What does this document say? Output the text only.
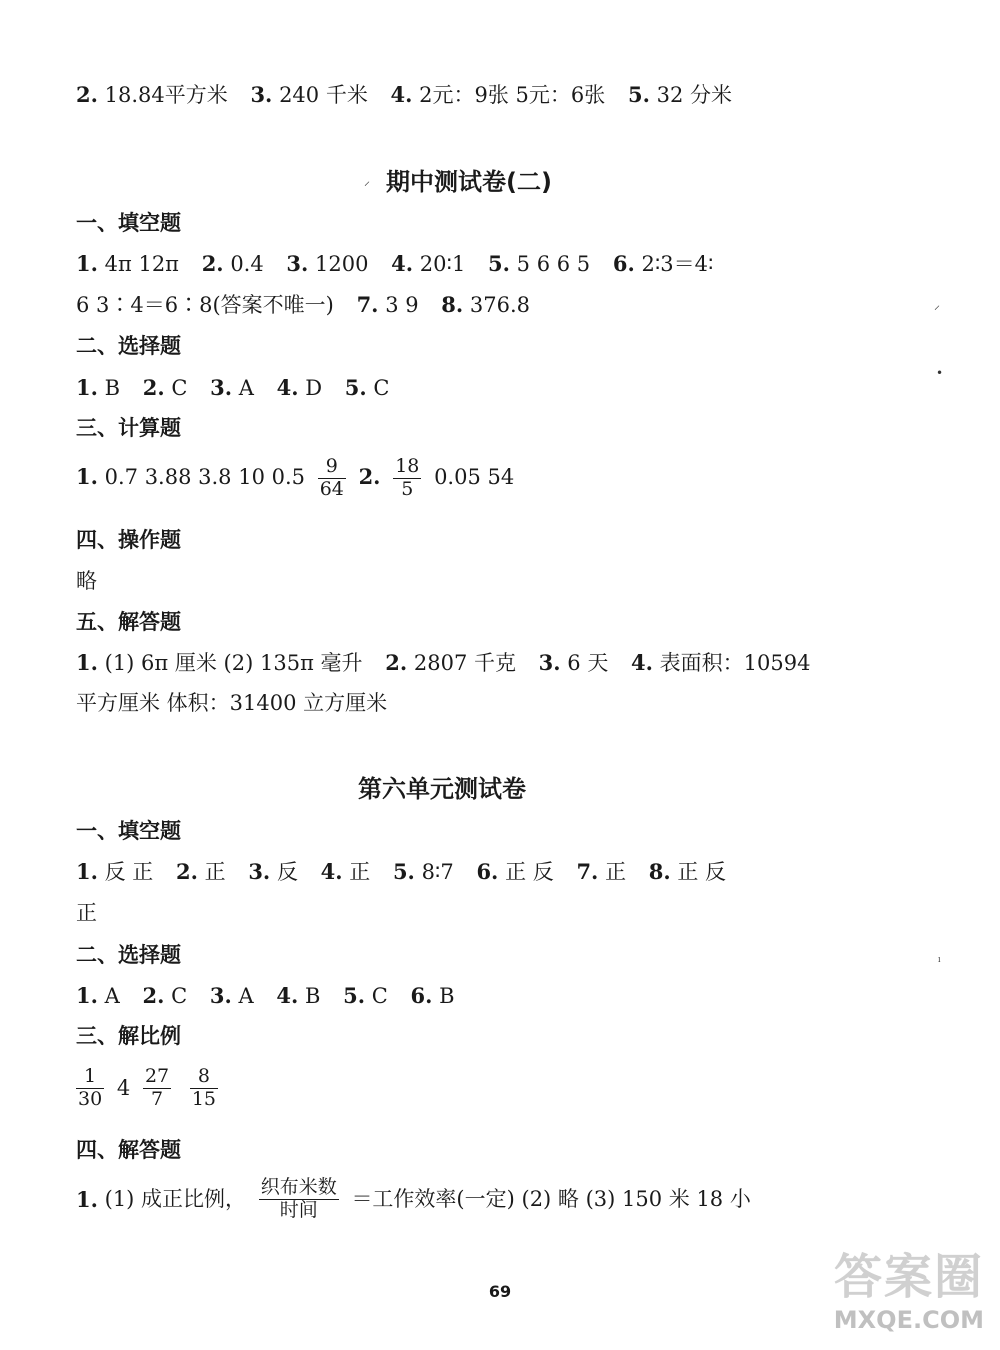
2. 18.84平方米 3. 240 千米 4. 2元：9张 5元：6张 5. 32 分米
期中测试卷(二)
一、填空题
1. 4π 12π 2. 0.4 3. 1200 4. 20∶1 5. 5 6 6 5 6. 2∶3＝4∶
6 3∶4＝6∶8(答案不唯一) 7. 3 9 8. 376.8
二、选择题
1. B 2. C 3. A 4. D 5. C
三、计算题
1. 0.7 3.88 3.8 10 $0.5 \frac{9}{64} 2$. $\frac{18}{5} 0.05$ 54
四、操作题
略
五、解答题
1. (1) 6π 厘米 (2) 135π 毫升 2. 2807 千克 3. 6 天 4. 表面积：10594
平方厘米 体积：31400 立方厘米
第六单元测试卷
一、填空题
1. 反 正 2. 正 3. 反 4. 正 5. 8∶7 6. 正 反 7. 正 8. 正 反
正
二、选择题
1. A 2. C 3. A 4. B 5. C 6. B
三、解比例
$\frac{1}{30} 4 \frac{27}{7}$
$\frac{8}{15}$
四、解答题
1. (1) 成正比例， $\frac{\text{织布米数}}{\text{时间}}$ ＝工作效率(一定) (2) 略 (3) 150 米 18 小
⸝
⸝
•
ˡ
69	答案圈
MXQE.COM
